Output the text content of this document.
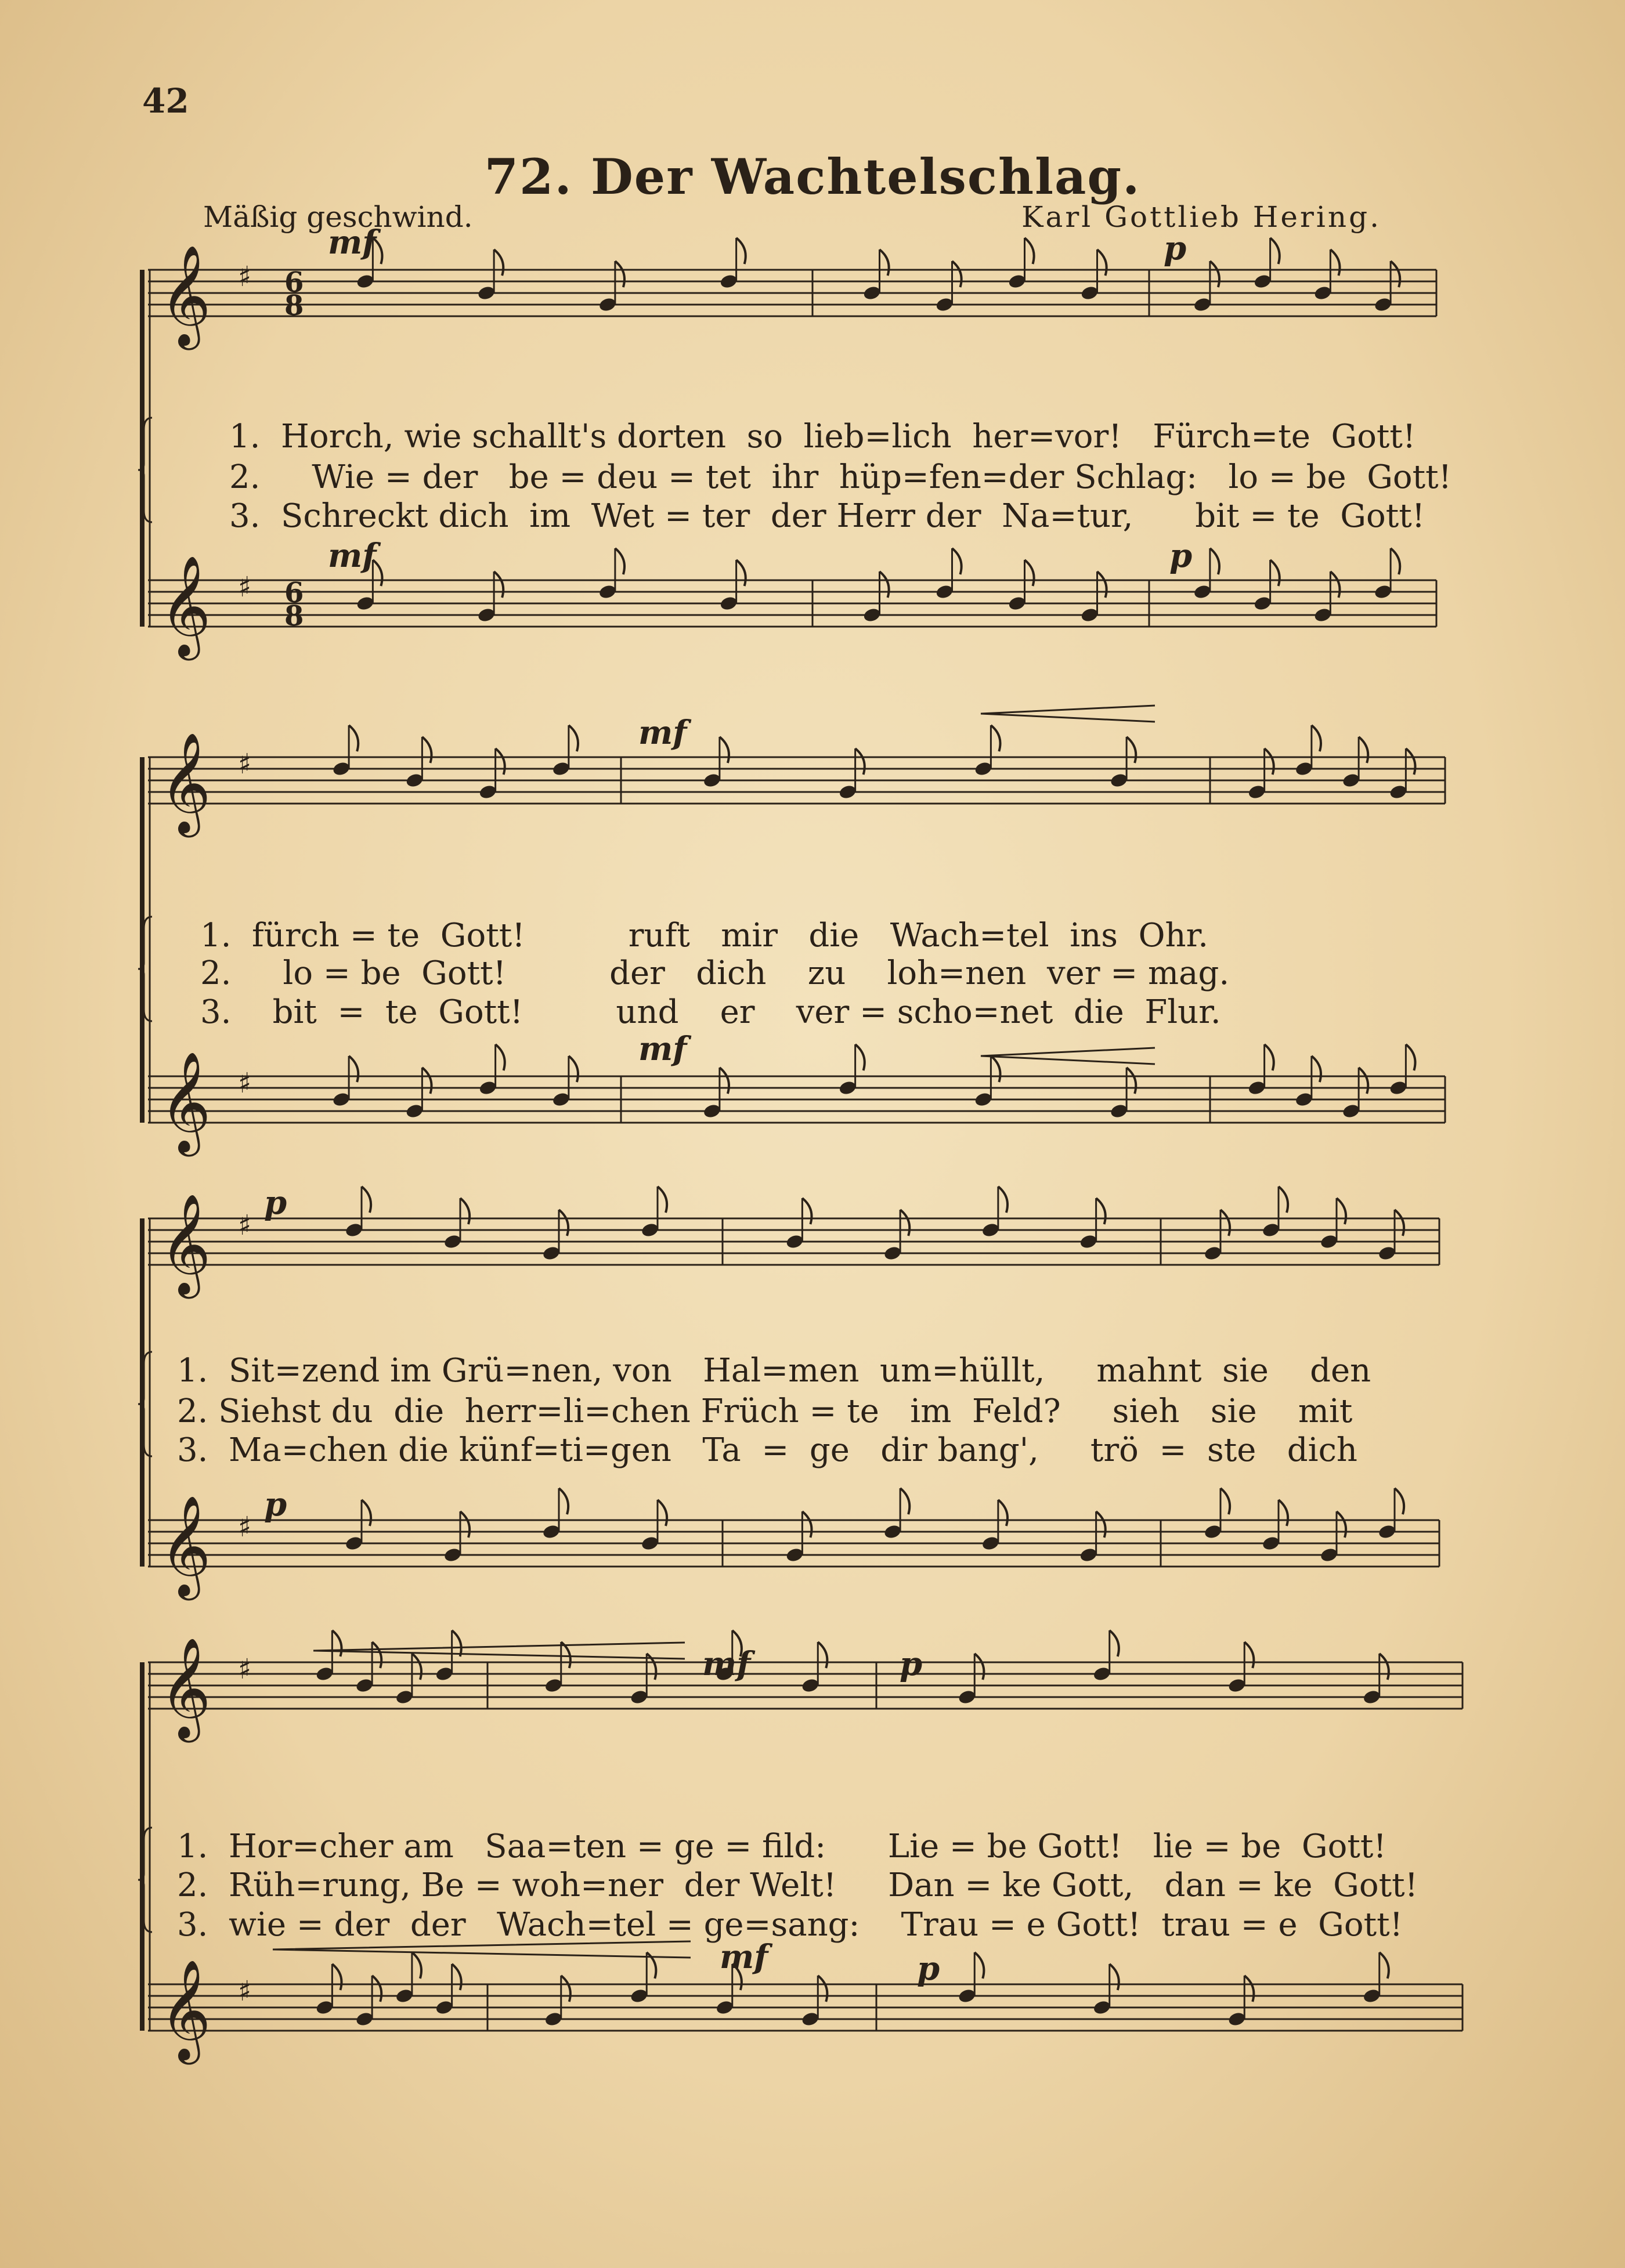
𝄞 ♯
𝄞 ♯
𝄞 ♯
𝄞 ♯
𝄞 ♯
𝄞 ♯
𝄞 ♯
𝄞 ♯
6
8
6
8
42
72. Der Wachtelschlag.
Mäßig geschwind.	Karl Gottlieb Hering.
mf	p
mf	p
mf
mf
p
p
mf	p
mf	p
1.  Horch, wie schallt's dorten  so  lieb=lich  her=vor!   Fürch=te  Gott!
2.     Wie = der   be = deu = tet  ihr  hüp=fen=der Schlag:   lo = be  Gott!
3.  Schreckt dich  im  Wet = ter  der Herr der  Na=tur,      bit = te  Gott!
1.  fürch = te  Gott!          ruft   mir   die   Wach=tel  ins  Ohr.
2.     lo = be  Gott!          der   dich    zu    loh=nen  ver = mag.
3.    bit  =  te  Gott!         und    er    ver = scho=net  die  Flur.
1.  Sit=zend im Grü=nen, von   Hal=men  um=hüllt,     mahnt  sie    den
2. Siehst du  die  herr=li=chen Früch = te   im  Feld?     sieh   sie    mit
3.  Ma=chen die künf=ti=gen   Ta  =  ge   dir bang',     trö  =  ste   dich
1.  Hor=cher am   Saa=ten = ge = fild:      Lie = be Gott!   lie = be  Gott!
2.  Rüh=rung, Be = woh=ner  der Welt!     Dan = ke Gott,   dan = ke  Gott!
3.  wie = der  der   Wach=tel = ge=sang:    Trau = e Gott!  trau = e  Gott!
